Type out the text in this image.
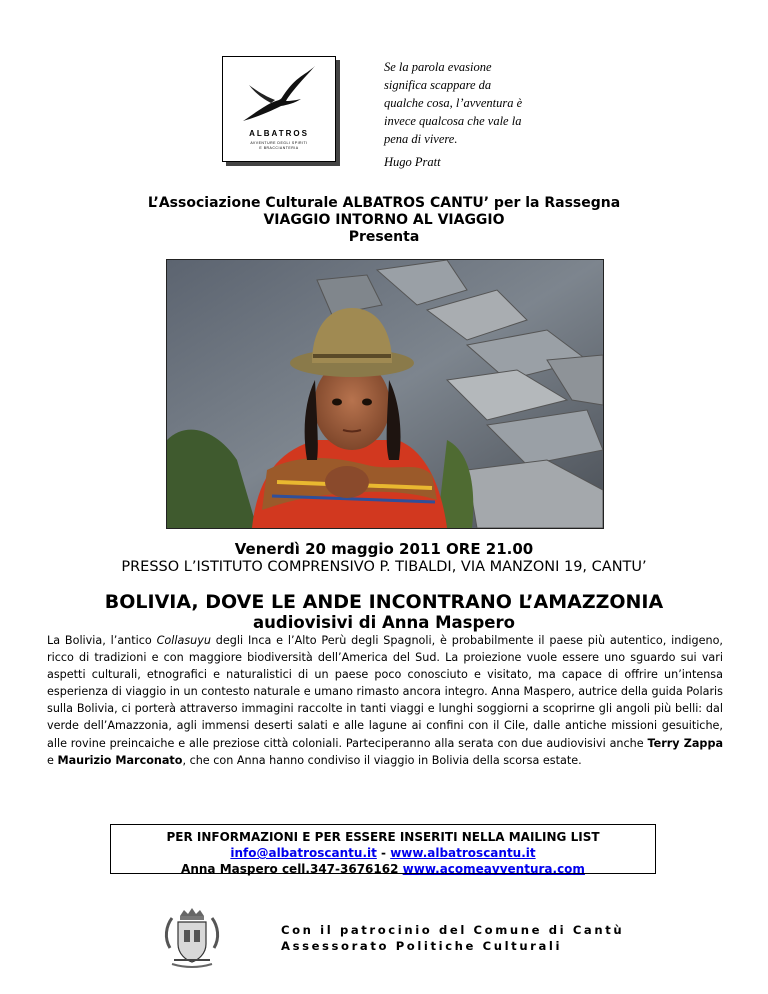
ALBATROS
AVVENTURE DEGLI SPIRITI
E BRACCIANTERIA
Se la parola evasione
significa scappare da
qualche cosa, l’avventura è
invece qualcosa che vale la
pena di vivere.
Hugo Pratt
L’Associazione Culturale ALBATROS CANTU’ per la Rassegna
VIAGGIO INTORNO AL VIAGGIO
Presenta
Venerdì 20 maggio 2011 ORE 21.00
PRESSO L’ISTITUTO COMPRENSIVO P. TIBALDI, VIA MANZONI 19, CANTU’
BOLIVIA, DOVE LE ANDE INCONTRANO L’AMAZZONIA
audiovisivi di Anna Maspero
La Bolivia, l’antico Collasuyu degli Inca e l’Alto Perù degli Spagnoli, è probabilmente il paese più autentico, indigeno, ricco di tradizioni e con maggiore biodiversità dell’America del Sud. La proiezione vuole essere uno sguardo sui vari aspetti culturali, etnografici e naturalistici di un paese poco conosciuto e visitato, ma capace di offrire un’intensa esperienza di viaggio in un contesto naturale e umano rimasto ancora integro. Anna Maspero, autrice della guida Polaris sulla Bolivia, ci porterà attraverso immagini raccolte in tanti viaggi e lunghi soggiorni a scoprirne gli angoli più belli: dal verde dell’Amazzonia, agli immensi deserti salati e alle lagune ai confini con il Cile, dalle antiche missioni gesuitiche, alle rovine preincaiche e alle preziose città coloniali. Parteciperanno alla serata con due audiovisivi anche Terry Zappa e Maurizio Marconato, che con Anna hanno condiviso il viaggio in Bolivia della scorsa estate.
PER INFORMAZIONI E PER ESSERE INSERITI NELLA MAILING LIST
info@albatroscantu.it - www.albatroscantu.it
Anna Maspero cell.347-3676162 www.acomeavventura.com
Con il patrocinio del Comune di Cantù
Assessorato Politiche Culturali
